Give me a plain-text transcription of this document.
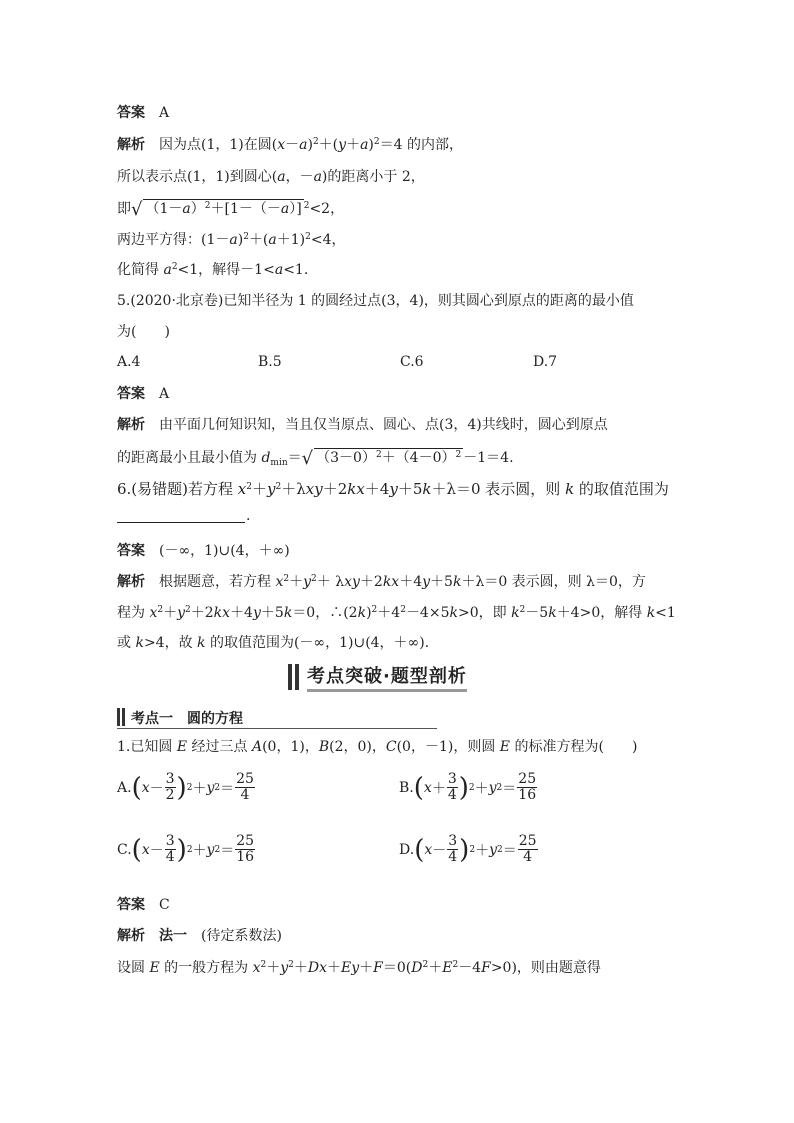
答案 A
解析 因为点(1，1)在圆$(x-a)^2+(y+a)^2=4$ 的内部，
所以表示点(1，1)到圆心(a，－a)的距离小于 2，
即√ $(1-a)^2+[1-(-a)]$ $^2$<2，
两边平方得：$(1-a)^2+(a+1)^2<4$，
化简得 $a^2<1$，解得－1<a<1.
5.(2020·北京卷)已知半径为 1 的圆经过点(3，4)，则其圆心到原点的距离的最小值
为(　　)
A.4	B.5	C.6	D.7
答案 A
解析 由平面几何知识知，当且仅当原点、圆心、点(3，4)共线时，圆心到原点
的距离最小且最小值为 $d_{min}=√$ $(3-0)^2+(4-0)^2 -1=4$.
6.(易错题)若方程 $x^2+y^2+\lambda xy+2kx+4y+5k+\lambda=0$ 表示圆，则 k 的取值范围为
.
答案 (－∞，1)∪(4，＋∞)
解析 根据题意，若方程 $x^2+y^2+ \lambda xy+2kx+4y+5k+\lambda=0$ 表示圆，则 λ＝0，方
程为 $x^2+y^2+2kx+4y+5k=0$，$\therefore(2k)^2+4^2-4\times 5k>0$，即 $k^2-5k+4>0$，解得 k<1
或 k>4，故 k 的取值范围为(－∞，1)∪(4，＋∞).
考点突破·题型剖析
考点一　圆的方程
1.已知圆 E 经过三点 A(0，1)，B(2，0)，C(0，－1)，则圆 E 的标准方程为(　　)
A. ( $x - \frac{3}{2}$ ) 2 ＋ y $2 = \frac{25}{4}$	B. ( $x + \frac{3}{4}$ ) 2 ＋ y $2 = \frac{25}{16}$
C. ( $x - \frac{3}{4}$ ) 2 ＋ y $2 = \frac{25}{16}$	D. ( $x - \frac{3}{4}$ ) 2 ＋ y $2 = \frac{25}{4}$
答案 C
解析 法一 (待定系数法)
设圆 E 的一般方程为 $x^2+y^2+Dx+Ey+F=0(D^2+E^2-4F>0)$，则由题意得
